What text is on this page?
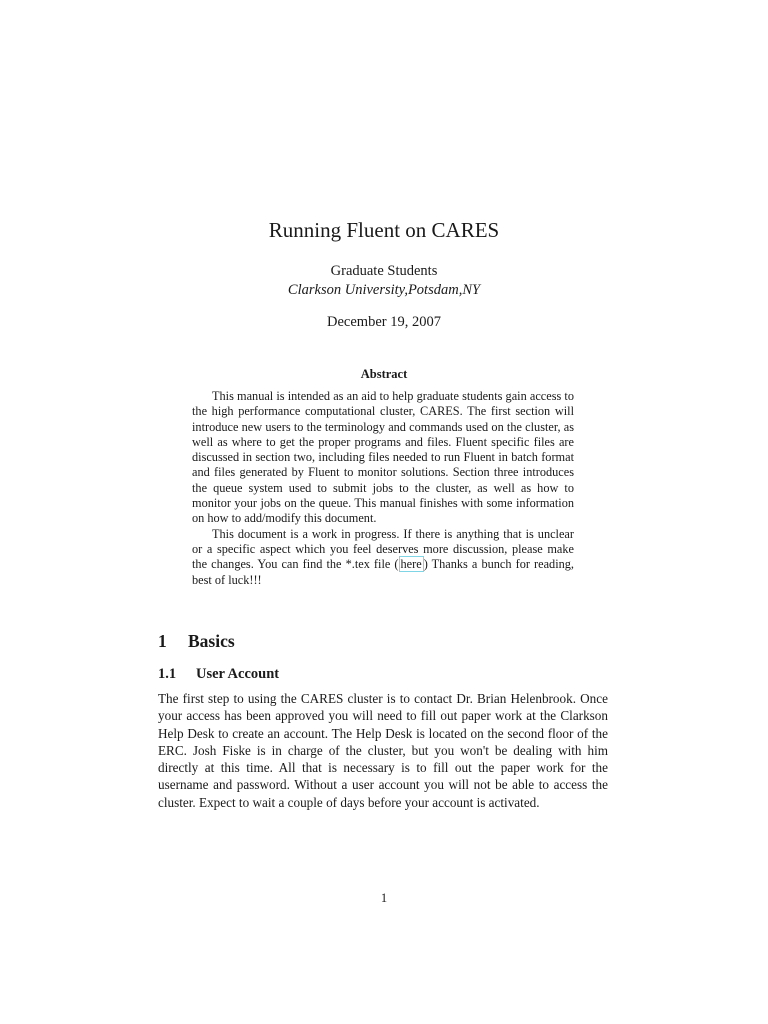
Running Fluent on CARES
Graduate Students
Clarkson University,Potsdam,NY
December 19, 2007
Abstract

This manual is intended as an aid to help graduate students gain access to the high performance computational cluster, CARES. The first section will introduce new users to the terminology and commands used on the cluster, as well as where to get the proper programs and files. Fluent specific files are discussed in section two, including files needed to run Fluent in batch format and files generated by Fluent to monitor solutions. Section three introduces the queue system used to submit jobs to the cluster, as well as how to monitor your jobs on the queue. This manual finishes with some information on how to add/modify this document.

This document is a work in progress. If there is anything that is unclear or a specific aspect which you feel deserves more discussion, please make the changes. You can find the *.tex file ( here ) Thanks a bunch for reading, best of luck!!!

1 Basics
1.1 User Account

The first step to using the CARES cluster is to contact Dr. Brian Helenbrook. Once your access has been approved you will need to fill out paper work at the Clarkson Help Desk to create an account. The Help Desk is located on the second floor of the ERC. Josh Fiske is in charge of the cluster, but you won't be dealing with him directly at this time. All that is necessary is to fill out the paper work for the username and password. Without a user account you will not be able to access the cluster. Expect to wait a couple of days before your account is activated.

1
